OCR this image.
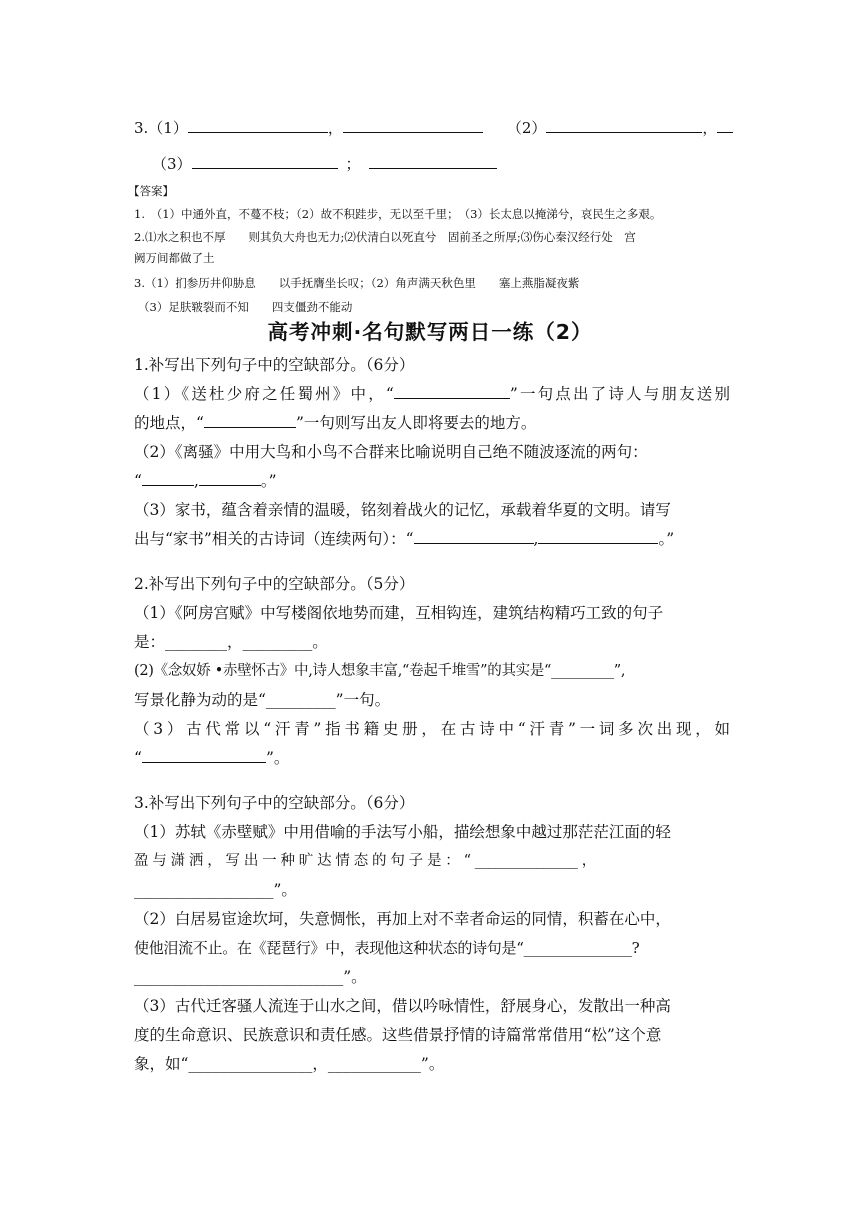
3.（1）	，	（2）	，
（3）	；
【答案】
1.　（1）中通外直，不蔓不枝；（2）故不积跬步，无以至千里；　（3）长太息以掩涕兮，哀民生之多艰。
2.⑴水之积也不厚　　则其负大舟也无力;⑵伏清白以死直兮　固前圣之所厚;⑶伤心秦汉经行处　宫
阙万间都做了土
3.（1）扪参历井仰胁息　　以手抚膺坐长叹；（2）角声满天秋色里　　塞上燕脂凝夜紫
（3）足肤皲裂而不知　　四支僵劲不能动
高考冲刺·名句默写两日一练（2）
1.补写出下列句子中的空缺部分。（6分）
（1）《送杜少府之任蜀州》中，“	”一句点出了诗人与朋友送别
的地点，“	”一句则写出友人即将要去的地方。
（2）《离骚》中用大鸟和小鸟不合群来比喻说明自己绝不随波逐流的两句：
“	,	。”
（3）家书，蕴含着亲情的温暖，铭刻着战火的记忆，承载着华夏的文明。请写
出与“家书”相关的古诗词（连续两句）：“	,	。”
2.补写出下列句子中的空缺部分。（5分）
（1）《阿房宫赋》中写楼阁依地势而建，互相钩连，建筑结构精巧工致的句子
是：________，_________。
(2)《念奴娇 •赤壁怀古》中,诗人想象丰富,“卷起千堆雪”的其实是“_________”,
写景化静为动的是“_________”一句。
（3）古代常以“汗青”指书籍史册，在古诗中“汗青”一词多次出现，如
“	”。
3.补写出下列句子中的空缺部分。（6分）
（1）苏轼《赤壁赋》中用借喻的手法写小船，描绘想象中越过那茫茫江面的轻
盈 与 潇 洒 ， 写 出 一 种 旷 达 情 态 的 句 子 是 ： “ _______________ ，
__________________”。
（2）白居易宦途坎坷，失意惆怅，再加上对不幸者命运的同情，积蓄在心中，
使他泪流不止。在《琵琶行》中，表现他这种状态的诗句是“_______________?
___________________________”。
（3）古代迁客骚人流连于山水之间，借以吟咏情性，舒展身心，发散出一种高
度的生命意识、民族意识和责任感。这些借景抒情的诗篇常常借用“松”这个意
象，如“________________，____________”。
